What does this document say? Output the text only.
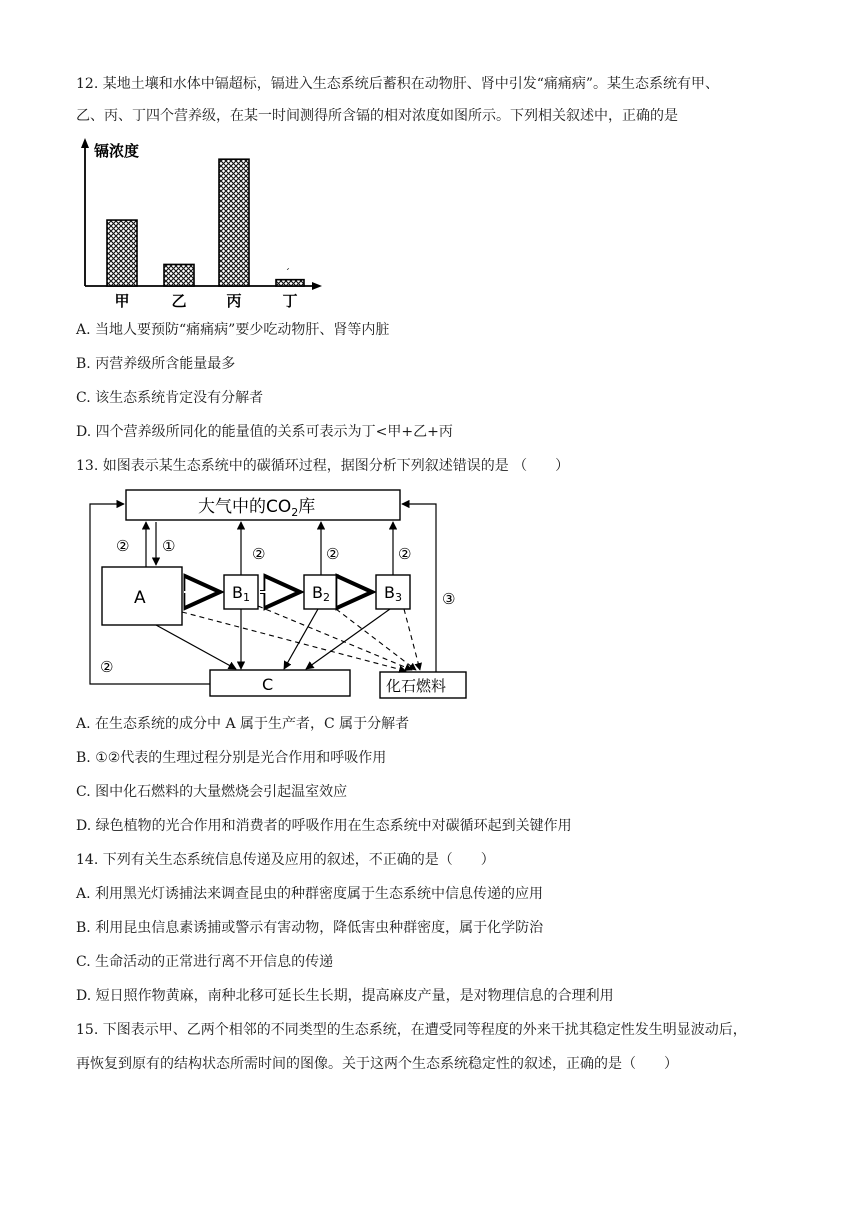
12. 某地土壤和水体中镉超标，镉进入生态系统后蓄积在动物肝、肾中引发“痛痛病”。某生态系统有甲、
乙、丙、丁四个营养级，在某一时间测得所含镉的相对浓度如图所示。下列相关叙述中，正确的是
镉浓度
甲	乙	丙	丁
ˊ
A. 当地人要预防“痛痛病”要少吃动物肝、肾等内脏
B. 丙营养级所含能量最多
C. 该生态系统肯定没有分解者
D. 四个营养级所同化的能量值的关系可表示为丁<甲+乙+丙
13. 如图表示某生态系统中的碳循环过程，据图分析下列叙述错误的是 （　　）
大气中的$CO_2$库
A	B1	B2	B3
C	化石燃料
② ①	②	②	②
②
③
A. 在生态系统的成分中 A 属于生产者，C 属于分解者
B. ①②代表的生理过程分别是光合作用和呼吸作用
C. 图中化石燃料的大量燃烧会引起温室效应
D. 绿色植物的光合作用和消费者的呼吸作用在生态系统中对碳循环起到关键作用
14. 下列有关生态系统信息传递及应用的叙述，不正确的是（　　）
A. 利用黑光灯诱捕法来调查昆虫的种群密度属于生态系统中信息传递的应用
B. 利用昆虫信息素诱捕或警示有害动物，降低害虫种群密度，属于化学防治
C. 生命活动的正常进行离不开信息的传递
D. 短日照作物黄麻，南种北移可延长生长期，提高麻皮产量，是对物理信息的合理利用
15. 下图表示甲、乙两个相邻的不同类型的生态系统，在遭受同等程度的外来干扰其稳定性发生明显波动后，
再恢复到原有的结构状态所需时间的图像。关于这两个生态系统稳定性的叙述，正确的是（　　）
